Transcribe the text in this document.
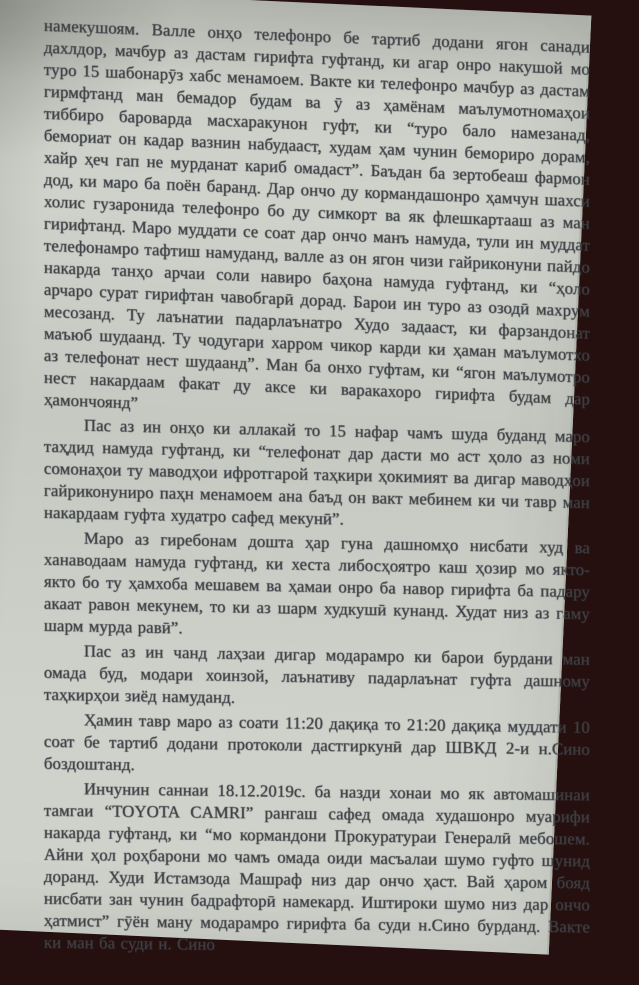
намекушоям. Валле онҳо телефонро бе тартиб додани ягон санади дахлдор, мачбур аз дастам гирифта гуфтанд, ки агар онро накушой мо туро 15 шабонарӯз хабс менамоем. Вакте ки телефонро мачбур аз дастам гирмфтанд ман бемадор будам ва ӯ аз ҳамёнам маълумотномаҳои тиббиро бароварда масхаракунон гуфт, ки “туро бало намезанад, бемориат он кадар вазнин набудааст, худам ҳам чунин бемориро дорам, хайр ҳеч гап не мурданат кариб омадаст”. Баъдан ба зертобеаш фармон дод, ки маро ба поён баранд. Дар ончо ду кормандашонро ҳамчун шахси холис гузаронида телефонро бо ду симкорт ва як флешкартааш аз ман гирифтанд. Маро муддати се соат дар ончо манъ намуда, тули ин муддат телефонамро тафтиш намуданд, валле аз он ягон чизи гайриконуни пайдо накарда танҳо арчаи соли навиро баҳона намуда гуфтанд, ки “ҳоло арчаро сурат гирифтан чавобгарӣ дорад. Барои ин туро аз озодӣ махрум месозанд. Ту лаънатии падарлаънатро Худо задааст, ки фарзандонат маъюб шудаанд. Ту чодугари харром чикор карди ки ҳаман маълумотхо аз телефонат нест шудаанд”. Ман ба онхо гуфтам, ки “ягон маълумотро нест накардаам факат ду аксе ки варакахоро гирифта будам дар ҳамончоянд”

Пас аз ин онҳо ки аллакай то 15 нафар чамъ шуда буданд маро таҳдид намуда гуфтанд, ки “телефонат дар дасти мо аст ҳоло аз номи сомонаҳои ту маводҳои ифротгарой таҳкири ҳокимият ва дигар маводҳои гайриконуниро паҳн менамоем ана баъд он вакт мебинем ки чи тавр ман накардаам гуфта худатро сафед мекунӣ”.

Маро аз гиребонам дошта ҳар гуна дашномҳо нисбати худ ва ханаводаам намуда гуфтанд, ки хеста либосҳоятро каш ҳозир мо якто-якто бо ту ҳамхоба мешавем ва ҳамаи онро ба навор гирифта ба падару акаат равон мекунем, то ки аз шарм худкушӣ кунанд. Худат низ аз гаму шарм мурда равӣ”.

Пас аз ин чанд лаҳзаи дигар модарамро ки барои бурдани ман омада буд, модари хоинзой, лаънативу падарлаънат гуфта дашному таҳкирҳои зиёд намуданд.

Ҳамин тавр маро аз соати 11:20 дақиқа то 21:20 дақиқа муддати 10 соат бе тартиб додани протоколи дастгиркунӣ дар ШВКД 2-и н.Сино боздоштанд.

Инчунин саннаи 18.12.2019с. ба назди хонаи мо як автомашинаи тамгаи “TOYOTA CAMRI” рангаш сафед омада худашонро муарифи накарда гуфтанд, ки “мо кормандони Прокуратураи Генералӣ мебошем. Айни ҳол роҳбарони мо чамъ омада оиди масъалаи шумо гуфто шунид доранд. Худи Истамзода Машраф низ дар ончо ҳаст. Вай ҳаром бояд нисбати зан чунин бадрафторӣ намекард. Иштироки шумо низ дар ончо ҳатмист” гӯён ману модарамро гирифта ба суди н.Сино бурданд. Вакте ки ман ба суди н. Сино
